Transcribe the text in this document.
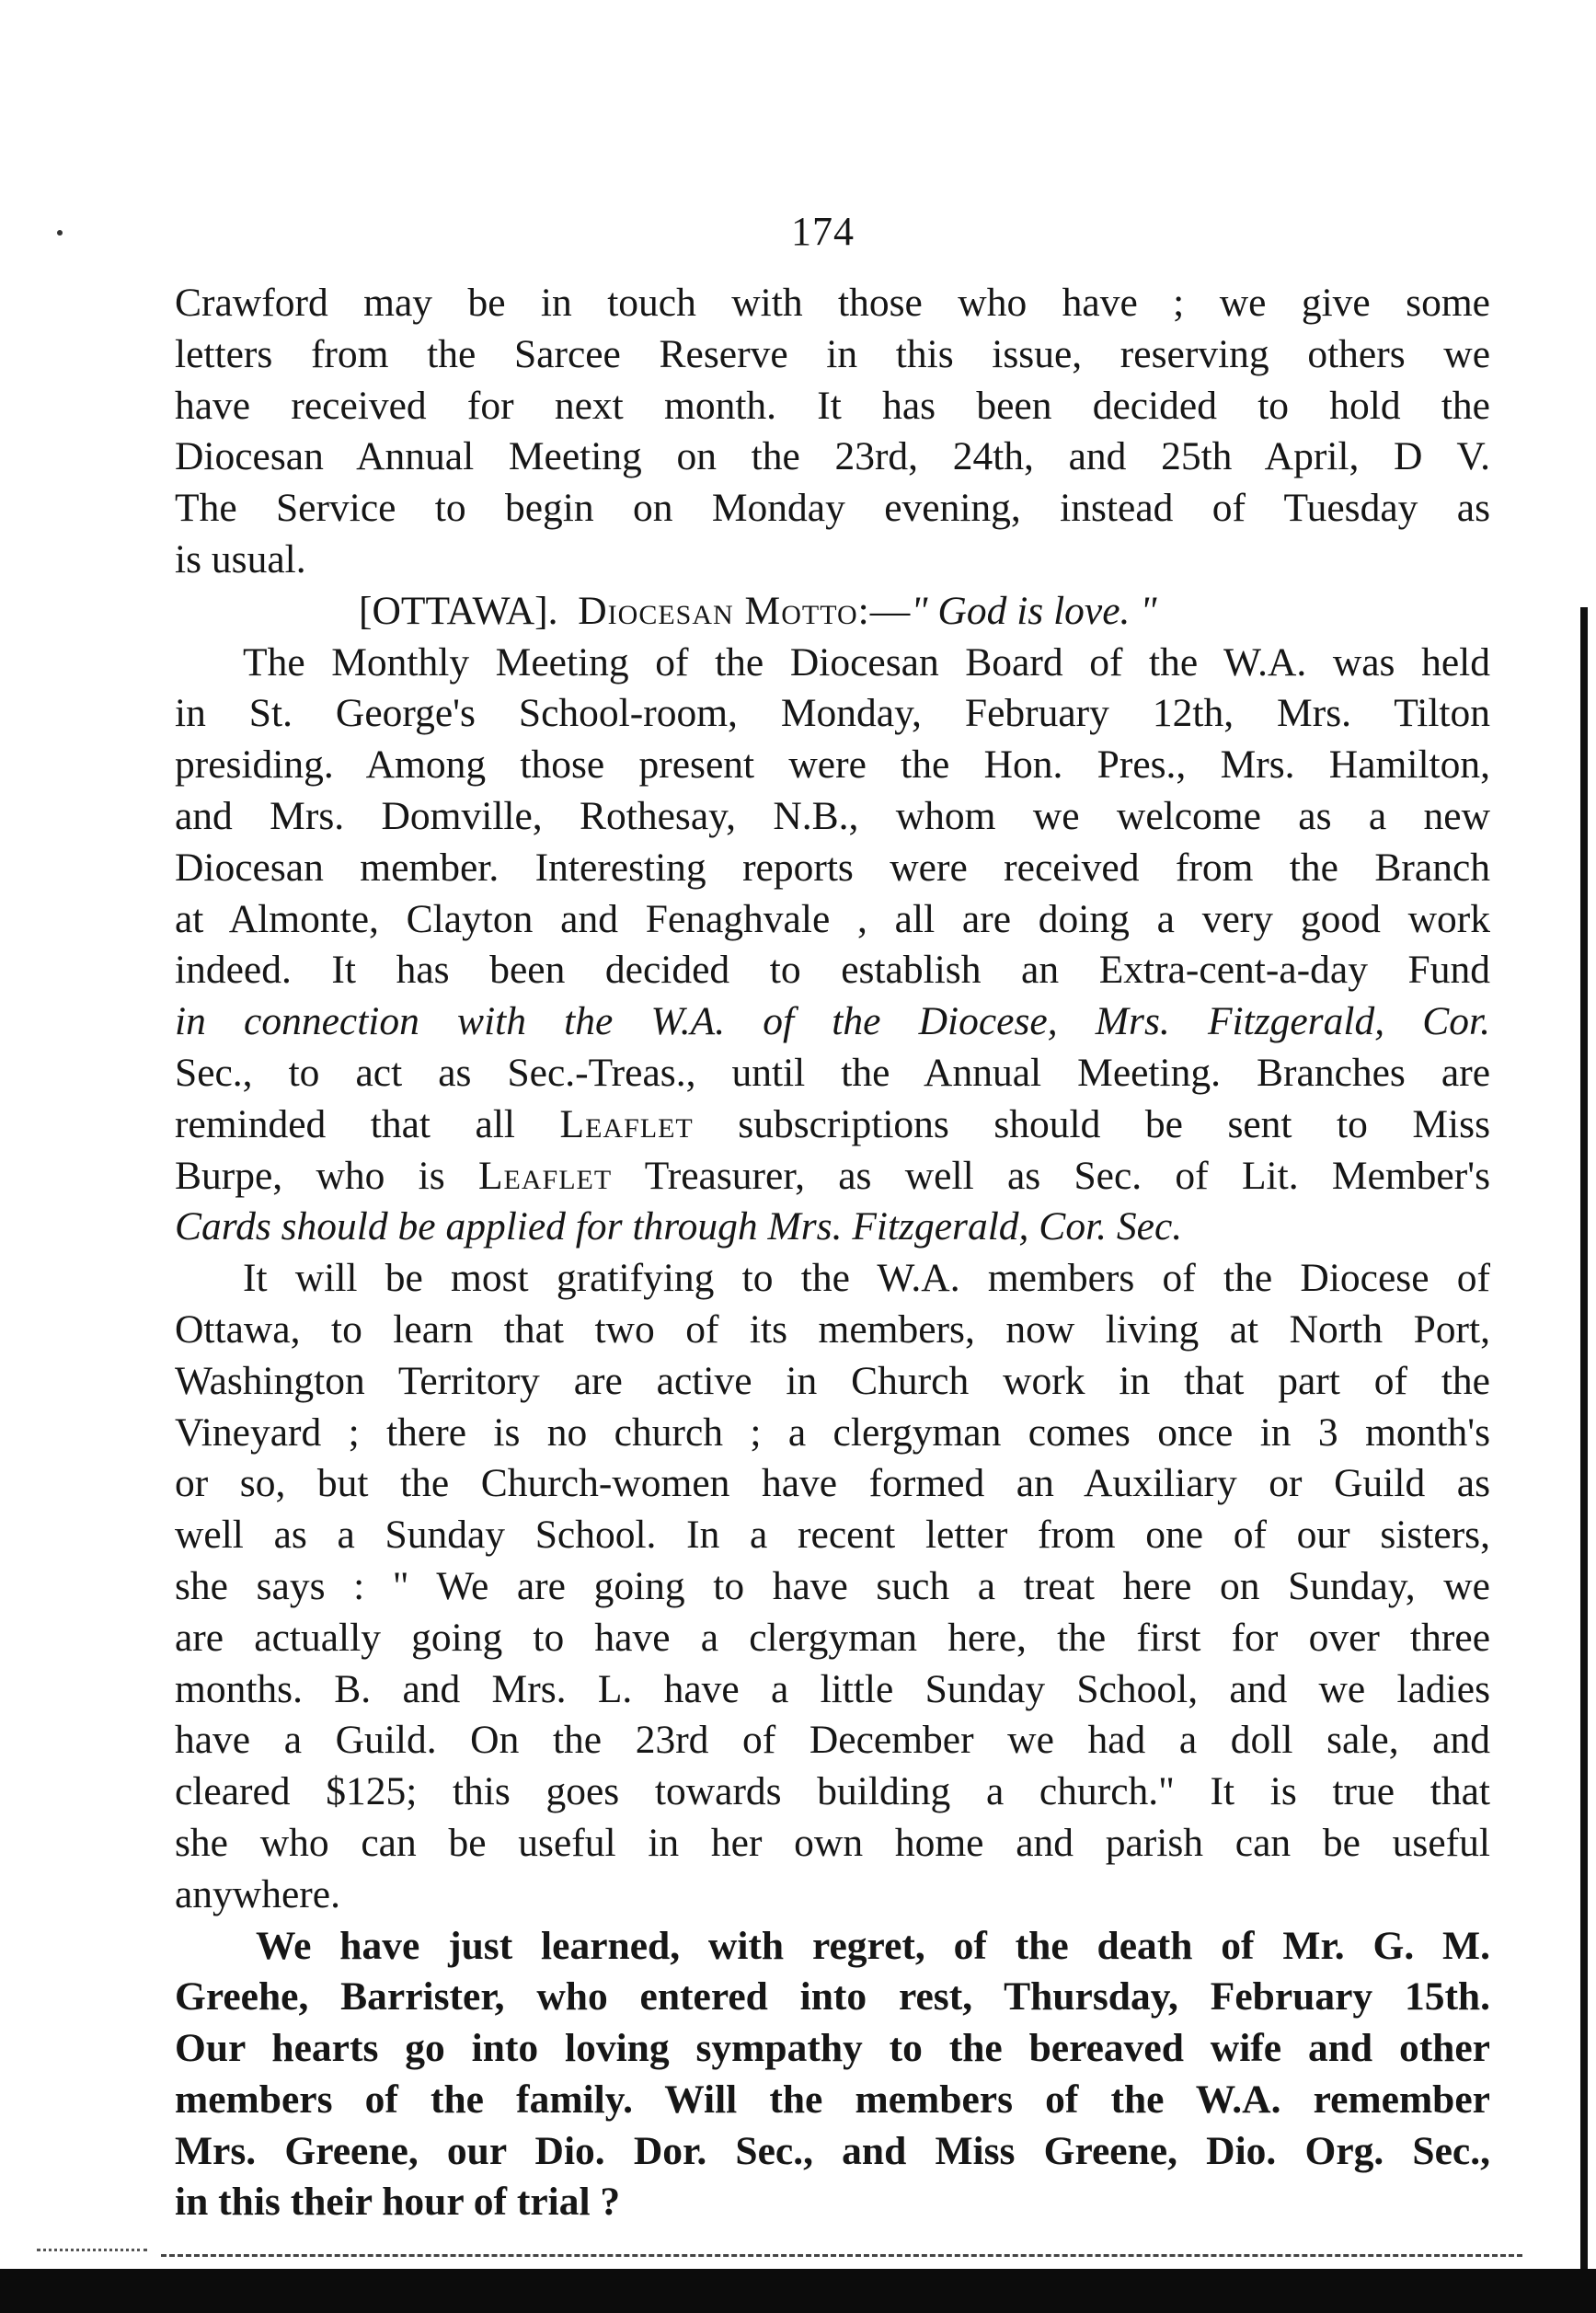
174
Crawford may be in touch with those who have ; we give some
letters from the Sarcee Reserve in this issue, reserving others we
have received for next month. It has been decided to hold the
Diocesan Annual Meeting on the 23rd, 24th, and 25th April, D V.
The Service to begin on Monday evening, instead of Tuesday as
is usual.
[OTTAWA]. Diocesan Motto:—" God is love. "
The Monthly Meeting of the Diocesan Board of the W.A. was held
in St. George's School-room, Monday, February 12th, Mrs. Tilton
presiding. Among those present were the Hon. Pres., Mrs. Hamilton,
and Mrs. Domville, Rothesay, N.B., whom we welcome as a new
Diocesan member. Interesting reports were received from the Branch
at Almonte, Clayton and Fenaghvale , all are doing a very good work
indeed. It has been decided to establish an Extra-cent-a-day Fund
in connection with the W.A. of the Diocese, Mrs. Fitzgerald, Cor.
Sec., to act as Sec.-Treas., until the Annual Meeting. Branches are
reminded that all Leaflet subscriptions should be sent to Miss
Burpe, who is Leaflet Treasurer, as well as Sec. of Lit. Member's
Cards should be applied for through Mrs. Fitzgerald, Cor. Sec.
It will be most gratifying to the W.A. members of the Diocese of
Ottawa, to learn that two of its members, now living at North Port,
Washington Territory are active in Church work in that part of the
Vineyard ; there is no church ; a clergyman comes once in 3 month's
or so, but the Church-women have formed an Auxiliary or Guild as
well as a Sunday School. In a recent letter from one of our sisters,
she says : " We are going to have such a treat here on Sunday, we
are actually going to have a clergyman here, the first for over three
months. B. and Mrs. L. have a little Sunday School, and we ladies
have a Guild. On the 23rd of December we had a doll sale, and
cleared $125; this goes towards building a church." It is true that
she who can be useful in her own home and parish can be useful
anywhere.
We have just learned, with regret, of the death of Mr. G. M.
Greehe, Barrister, who entered into rest, Thursday, February 15th.
Our hearts go into loving sympathy to the bereaved wife and other
members of the family. Will the members of the W.A. remember
Mrs. Greene, our Dio. Dor. Sec., and Miss Greene, Dio. Org. Sec.,
in this their hour of trial ?
